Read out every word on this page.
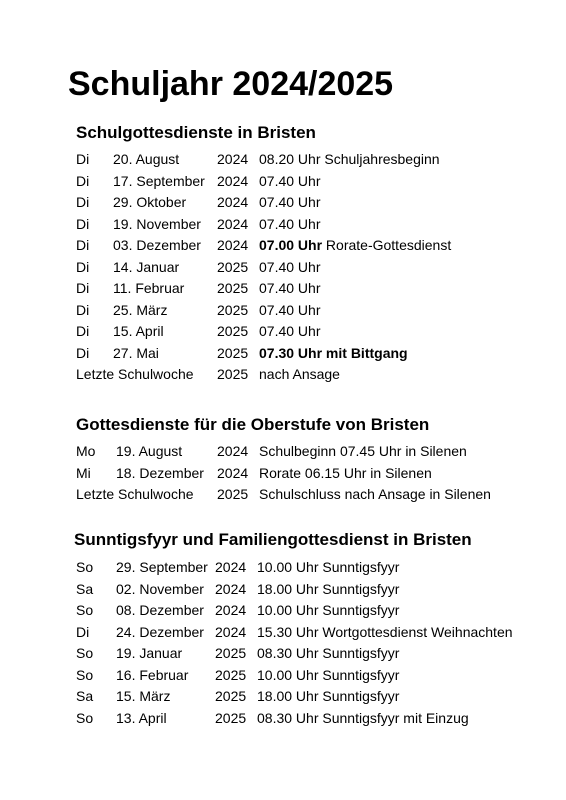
Schuljahr 2024/2025
Schulgottesdienste in Bristen
Di 20. August	2024 08.20 Uhr Schuljahresbeginn
Di 17. September 2024 07.40 Uhr
Di 29. Oktober 2024 07.40 Uhr
Di 19. November 2024 07.40 Uhr
Di 03. Dezember 2024 07.00 Uhr Rorate-Gottesdienst
Di 14. Januar	2025 07.40 Uhr
Di 11. Februar 2025 07.40 Uhr
Di 25. März	2025 07.40 Uhr
Di 15. April	2025 07.40 Uhr
Di 27. Mai	2025 07.30 Uhr mit Bittgang
Letzte Schulwoche 2025 nach Ansage
Gottesdienste für die Oberstufe von Bristen
Mo 19. August 2024 Schulbeginn 07.45 Uhr in Silenen
Mi 18. Dezember 2024 Rorate 06.15 Uhr in Silenen
Letzte Schulwoche 2025 Schulschluss nach Ansage in Silenen
Sunntigsfyyr und Familiengottesdienst in Bristen
So 29. September 2024 10.00 Uhr Sunntigsfyyr
Sa 02. November 2024 18.00 Uhr Sunntigsfyyr
So 08. Dezember 2024 10.00 Uhr Sunntigsfyyr
Di 24. Dezember 2024 15.30 Uhr Wortgottesdienst Weihnachten
So 19. Januar 2025 08.30 Uhr Sunntigsfyyr
So 16. Februar 2025 10.00 Uhr Sunntigsfyyr
Sa 15. März	2025 18.00 Uhr Sunntigsfyyr
So 13. April	2025 08.30 Uhr Sunntigsfyyr mit Einzug
